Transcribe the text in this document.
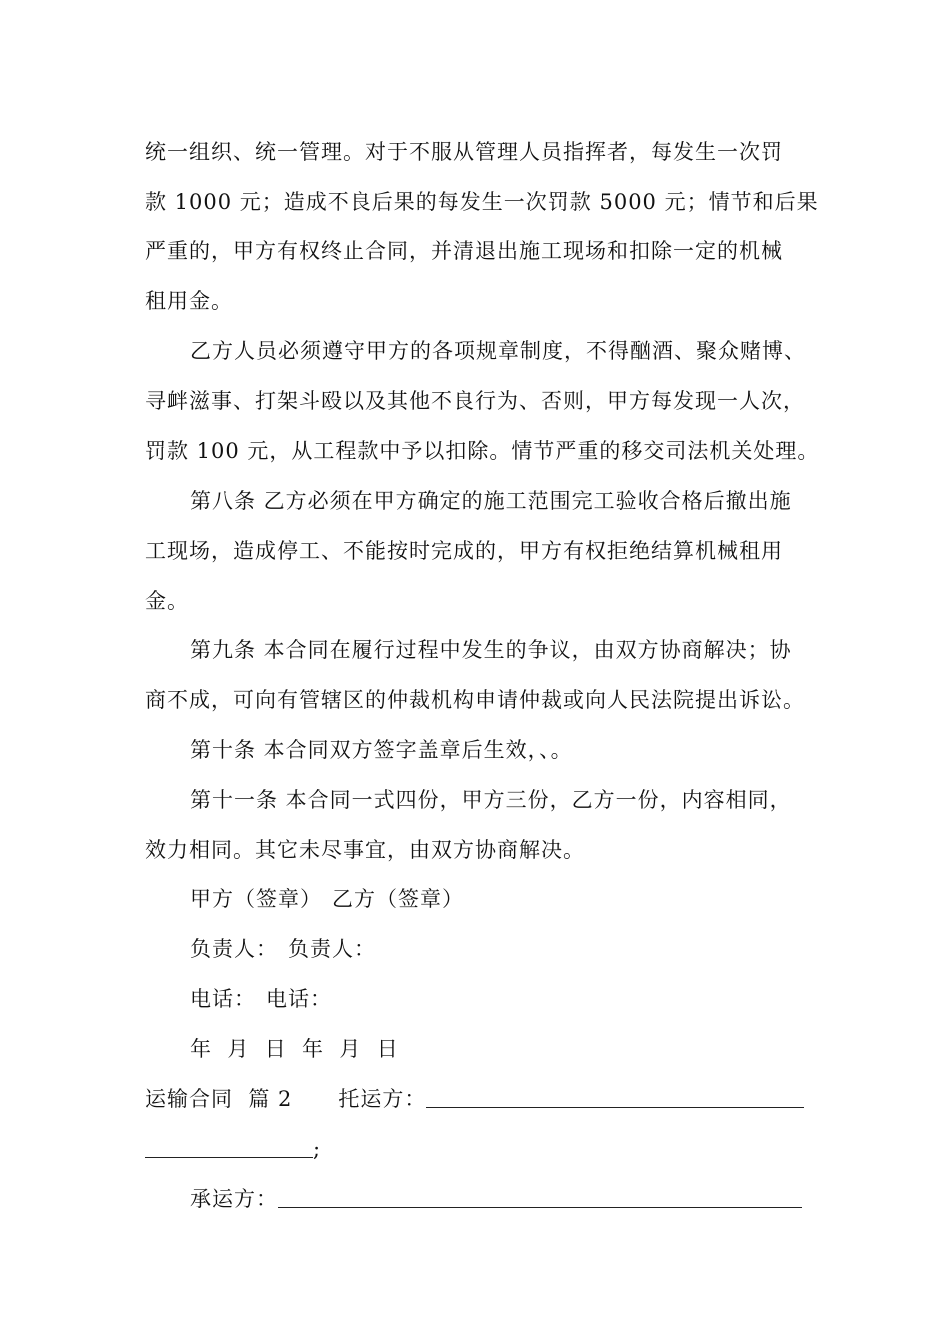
统一组织、统一管理。对于不服从管理人员指挥者，每发生一次罚
款 1000 元；造成不良后果的每发生一次罚款 5000 元；情节和后果
严重的，甲方有权终止合同，并清退出施工现场和扣除一定的机械
租用金。
乙方人员必须遵守甲方的各项规章制度，不得酗酒、聚众赌博、
寻衅滋事、打架斗殴以及其他不良行为、否则，甲方每发现一人次，
罚款 100 元，从工程款中予以扣除。情节严重的移交司法机关处理。
第八条 乙方必须在甲方确定的施工范围完工验收合格后撤出施
工现场，造成停工、不能按时完成的，甲方有权拒绝结算机械租用
金。
第九条 本合同在履行过程中发生的争议，由双方协商解决；协
商不成，可向有管辖区的仲裁机构申请仲裁或向人民法院提出诉讼。
第十条 本合同双方签字盖章后生效，、。
第十一条 本合同一式四份，甲方三份，乙方一份，内容相同，
效力相同。其它未尽事宜，由双方协商解决。
甲方（签章） 乙方（签章）
负责人： 负责人：
电话： 电话：
年  月  日  年  月  日
运输合同  篇 2 托运方：
;
承运方：
